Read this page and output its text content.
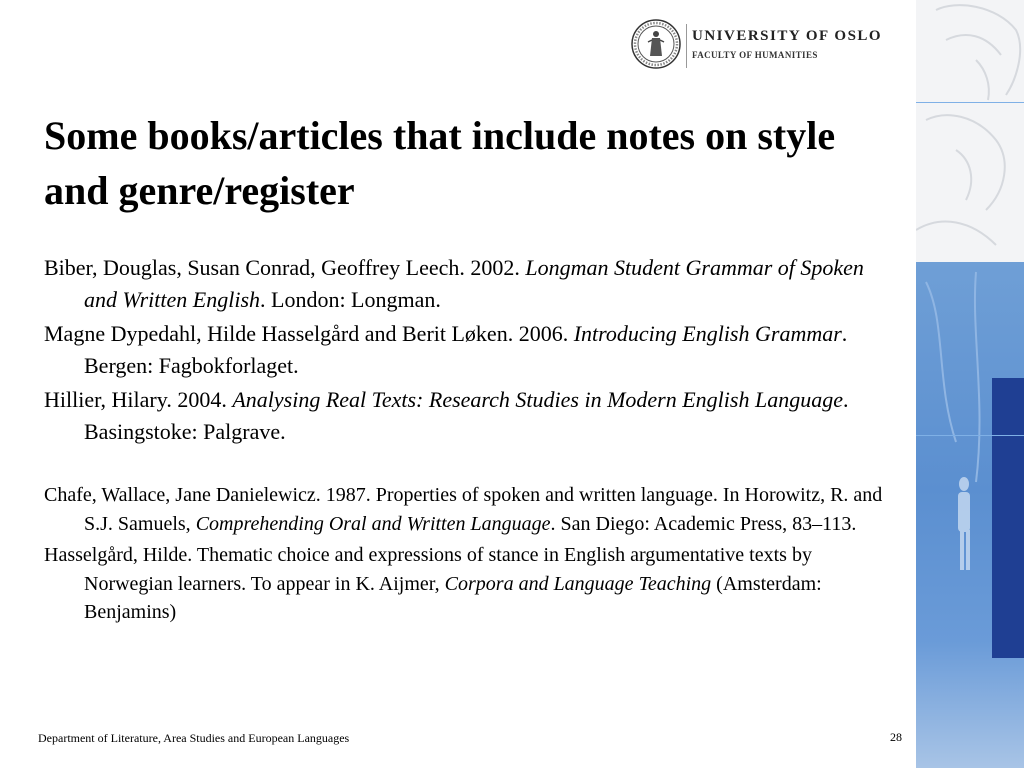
UNIVERSITY OF OSLO
FACULTY OF HUMANITIES
Some books/articles that include notes on style and genre/register

Biber, Douglas, Susan Conrad, Geoffrey Leech. 2002. Longman Student Grammar of Spoken and Written English. London: Longman.

Magne Dypedahl, Hilde Hasselgård and Berit Løken. 2006. Introducing English Grammar. Bergen: Fagbokforlaget.

Hillier, Hilary. 2004. Analysing Real Texts: Research Studies in Modern English Language. Basingstoke: Palgrave.

Chafe, Wallace, Jane Danielewicz. 1987. Properties of spoken and written language. In Horowitz, R. and S.J. Samuels, Comprehending Oral and Written Language. San Diego: Academic Press, 83–113.

Hasselgård, Hilde. Thematic choice and expressions of stance in English argumentative texts by Norwegian learners. To appear in K. Aijmer, Corpora and Language Teaching (Amsterdam: Benjamins)

Department of Literature, Area Studies and European Languages	28
